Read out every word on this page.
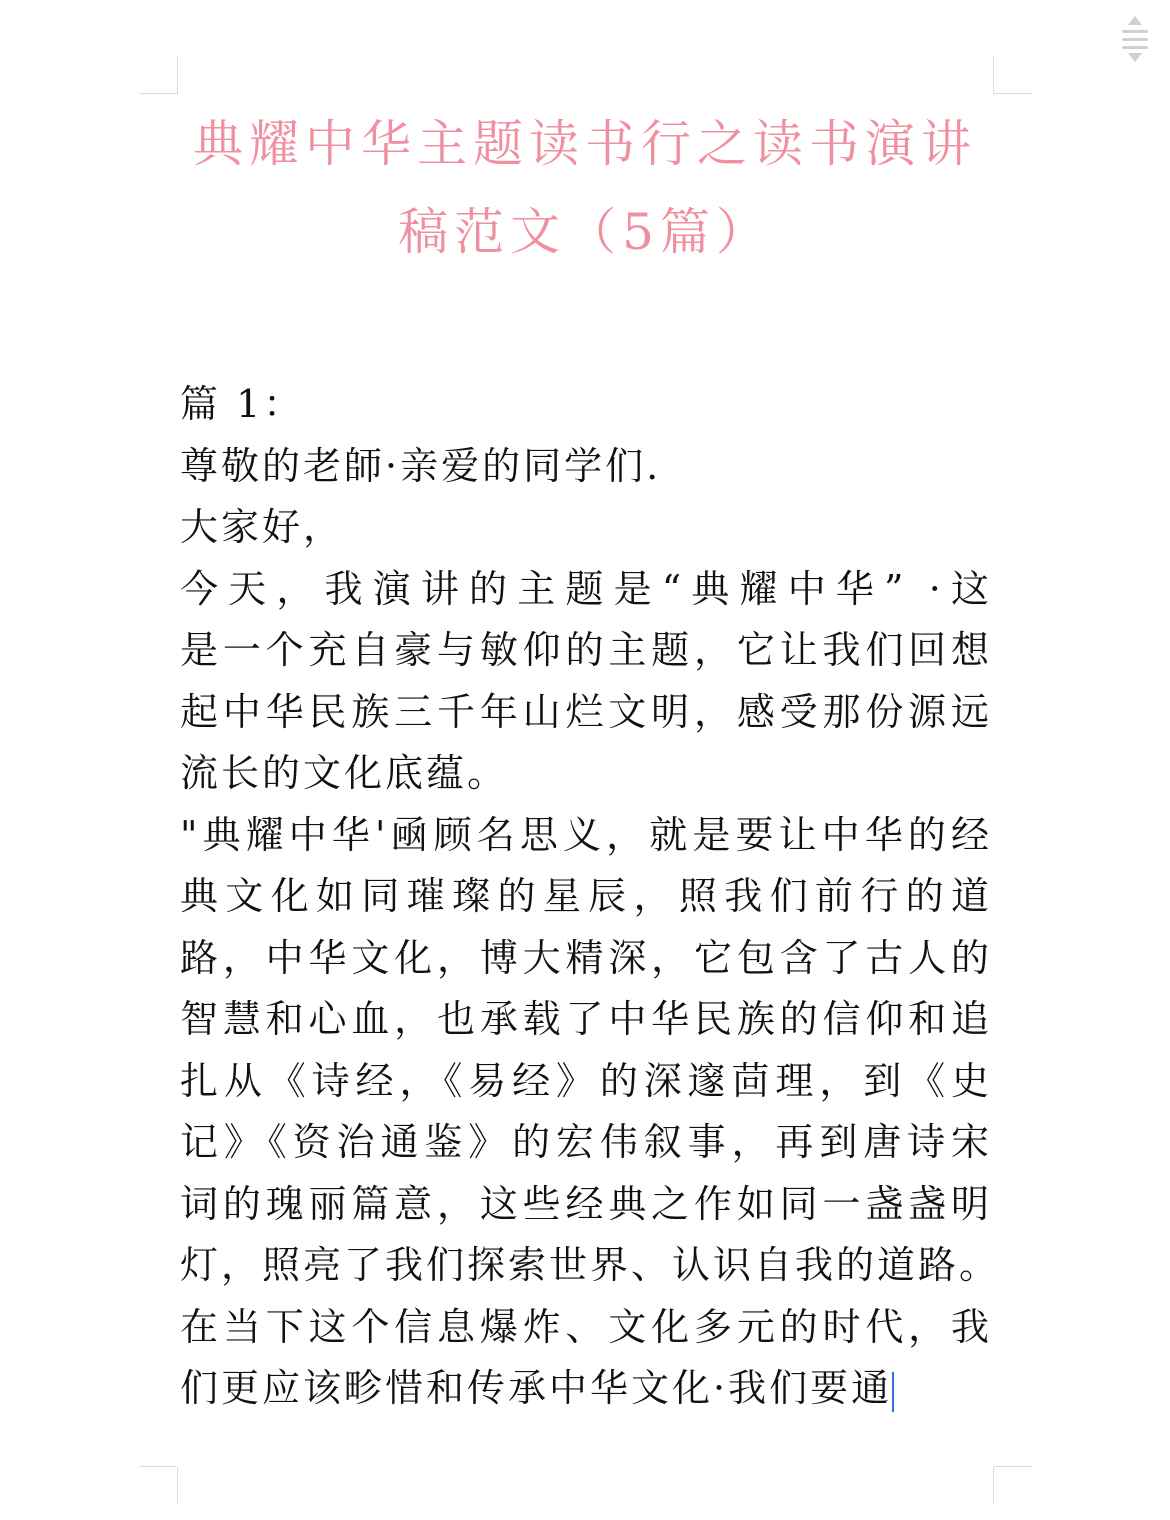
典耀中华主题读书行之读书演讲
稿范文（5篇）
篇 1：
尊敬的老師·亲爱的同学们.
大家好，
今天，我演讲的主题是“典耀中华” ·这
是一个充自豪与敏仰的主题，它让我们回想
起中华民族三千年山烂文明，感受那份源远
流长的文化底蕴。
"典耀中华'凾顾名思义，就是要让中华的经
典文化如同璀璨的星辰，照我们前行的道
路，中华文化，博大精深，它包含了古人的
智慧和心血，也承载了中华民族的信仰和追
扎从《诗经，《易经》的深邃茴理，到《史
记》《资治通鉴》的宏伟叙事，再到唐诗宋
词的瑰丽篇意，这些经典之作如同一盏盏明
灯，照亮了我们探索世界、认识自我的道路。
在当下这个信息爆炸、文化多元的时代，我
们更应该畛惜和传承中华文化·我们要通
